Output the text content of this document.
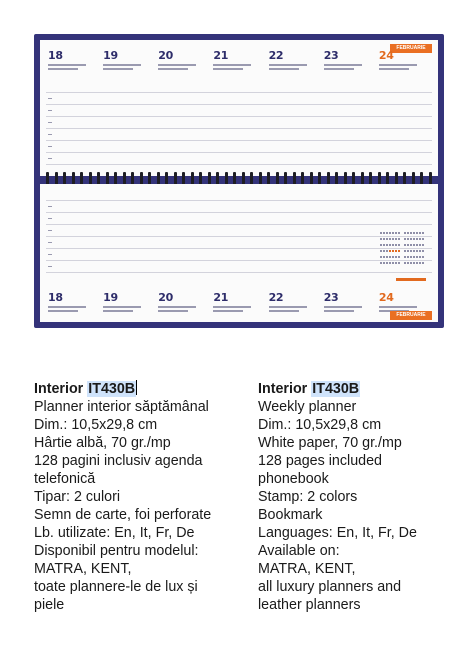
FEBRUARIE
18	19	20	21	22	23	24
18	19	20	21	22	23	24
FEBRUARIE
Interior IT430B
Planner interior săptămânal
Dim.: 10,5x29,8 cm
Hârtie albă, 70 gr./mp
128 pagini inclusiv agenda
telefonică
Tipar: 2 culori
Semn de carte, foi perforate
Lb. utilizate: En, It, Fr, De
Disponibil pentru modelul:
MATRA, KENT,
toate plannere-le de lux și
piele
Interior IT430B
Weekly planner
Dim.: 10,5x29,8 cm
White paper, 70 gr./mp
128 pages included
phonebook
Stamp: 2 colors
Bookmark
Languages: En, It, Fr, De
Available on:
MATRA, KENT,
all luxury planners and
leather planners
